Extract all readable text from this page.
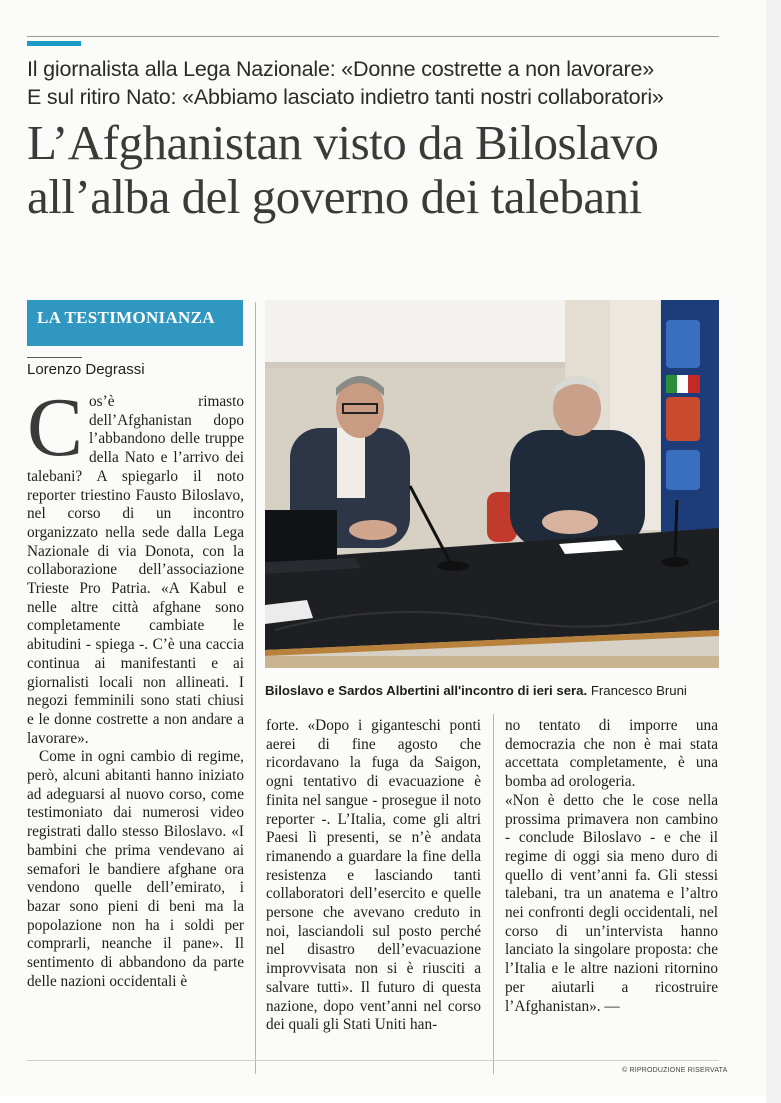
Il giornalista alla Lega Nazionale: «Donne costrette a non lavorare»
E sul ritiro Nato: «Abbiamo lasciato indietro tanti nostri collaboratori»
L’Afghanistan visto da Biloslavo
all’alba del governo dei talebani
LA TESTIMONIANZA
Lorenzo Degrassi

Cos’è rimasto dell’Afghanistan dopo l’abbandono delle truppe della Nato e l’arrivo dei talebani? A spiegarlo il noto reporter triestino Fausto Biloslavo, nel corso di un incontro organizzato nella sede dalla Lega Nazionale di via Donota, con la collaborazione dell’associazione Trieste Pro Patria. «A Kabul e nelle altre città afghane sono completamente cambiate le abitudini - spiega -. C’è una caccia continua ai manifestanti e ai giornalisti locali non allineati. I negozi femminili sono stati chiusi e le donne costrette a non andare a lavorare».

Come in ogni cambio di regime, però, alcuni abitanti hanno iniziato ad adeguarsi al nuovo corso, come testimoniato dai numerosi video registrati dallo stesso Biloslavo. «I bambini che prima vendevano ai semafori le bandiere afghane ora vendono quelle dell’emirato, i bazar sono pieni di beni ma la popolazione non ha i soldi per comprarli, neanche il pane». Il sentimento di abbandono da parte delle nazioni occidentali è

forte. «Dopo i giganteschi ponti aerei di fine agosto che ricordavano la fuga da Saigon, ogni tentativo di evacuazione è finita nel sangue - prosegue il noto reporter -. L’Italia, come gli altri Paesi lì presenti, se n’è andata rimanendo a guardare la fine della resistenza e lasciando tanti collaboratori dell’esercito e quelle persone che avevano creduto in noi, lasciandoli sul posto perché nel disastro dell’evacuazione improvvisata non si è riusciti a salvare tutti». Il futuro di questa nazione, dopo vent’anni nel corso dei quali gli Stati Uniti han-

no tentato di imporre una democrazia che non è mai stata accettata completamente, è una bomba ad orologeria.

«Non è detto che le cose nella prossima primavera non cambino - conclude Biloslavo - e che il regime di oggi sia meno duro di quello di vent’anni fa. Gli stessi talebani, tra un anatema e l’altro nei confronti degli occidentali, nel corso di un’intervista hanno lanciato la singolare proposta: che l’Italia e le altre nazioni ritornino per aiutarli a ricostruire l’Afghanistan». —

Biloslavo e Sardos Albertini all'incontro di ieri sera. Francesco Bruni
© RIPRODUZIONE RISERVATA
